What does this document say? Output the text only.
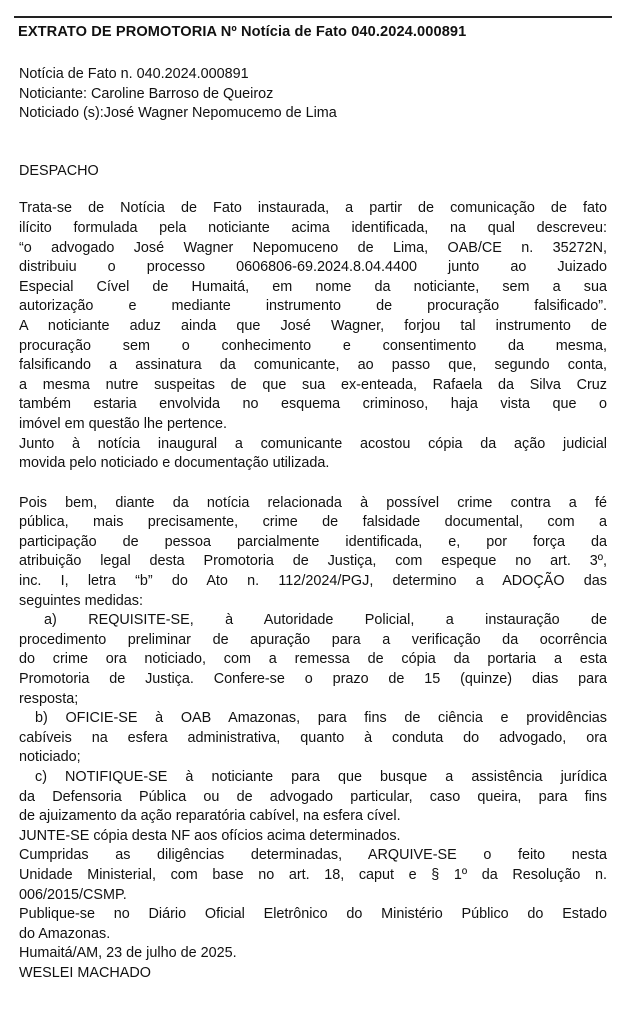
EXTRATO DE PROMOTORIA Nº Notícia de Fato 040.2024.000891

Notícia de Fato n. 040.2024.000891

Noticiante: Caroline Barroso de Queiroz

Noticiado (s):José Wagner Nepomucemo de Lima

DESPACHO

Trata-se de Notícia de Fato instaurada, a partir de comunicação de fato

ilícito formulada pela noticiante acima identificada, na qual descreveu:

“o advogado José Wagner Nepomuceno de Lima, OAB/CE n. 35272N,

distribuiu o processo 0606806-69.2024.8.04.4400 junto ao Juizado

Especial Cível de Humaitá, em nome da noticiante, sem a sua

autorização e mediante instrumento de procuração falsificado”.

A noticiante aduz ainda que José Wagner, forjou tal instrumento de

procuração sem o conhecimento e consentimento da mesma,

falsificando a assinatura da comunicante, ao passo que, segundo conta,

a mesma nutre suspeitas de que sua ex-enteada, Rafaela da Silva Cruz

também estaria envolvida no esquema criminoso, haja vista que o

imóvel em questão lhe pertence.

Junto à notícia inaugural a comunicante acostou cópia da ação judicial

movida pelo noticiado e documentação utilizada.

Pois bem, diante da notícia relacionada à possível crime contra a fé

pública, mais precisamente, crime de falsidade documental, com a

participação de pessoa parcialmente identificada, e, por força da

atribuição legal desta Promotoria de Justiça, com espeque no art. 3º,

inc. I, letra “b” do Ato n. 112/2024/PGJ, determino a ADOÇÃO das

seguintes medidas:

a) REQUISITE-SE, à Autoridade Policial, a instauração de

procedimento preliminar de apuração para a verificação da ocorrência

do crime ora noticiado, com a remessa de cópia da portaria a esta

Promotoria de Justiça. Confere-se o prazo de 15 (quinze) dias para

resposta;

b) OFICIE-SE à OAB Amazonas, para fins de ciência e providências

cabíveis na esfera administrativa, quanto à conduta do advogado, ora

noticiado;

c) NOTIFIQUE-SE à noticiante para que busque a assistência jurídica

da Defensoria Pública ou de advogado particular, caso queira, para fins

de ajuizamento da ação reparatória cabível, na esfera cível.

JUNTE-SE cópia desta NF aos ofícios acima determinados.

Cumpridas as diligências determinadas, ARQUIVE-SE o feito nesta

Unidade Ministerial, com base no art. 18, caput e § 1º da Resolução n.

006/2015/CSMP.

Publique-se no Diário Oficial Eletrônico do Ministério Público do Estado

do Amazonas.

Humaitá/AM, 23 de julho de 2025.

WESLEI MACHADO
